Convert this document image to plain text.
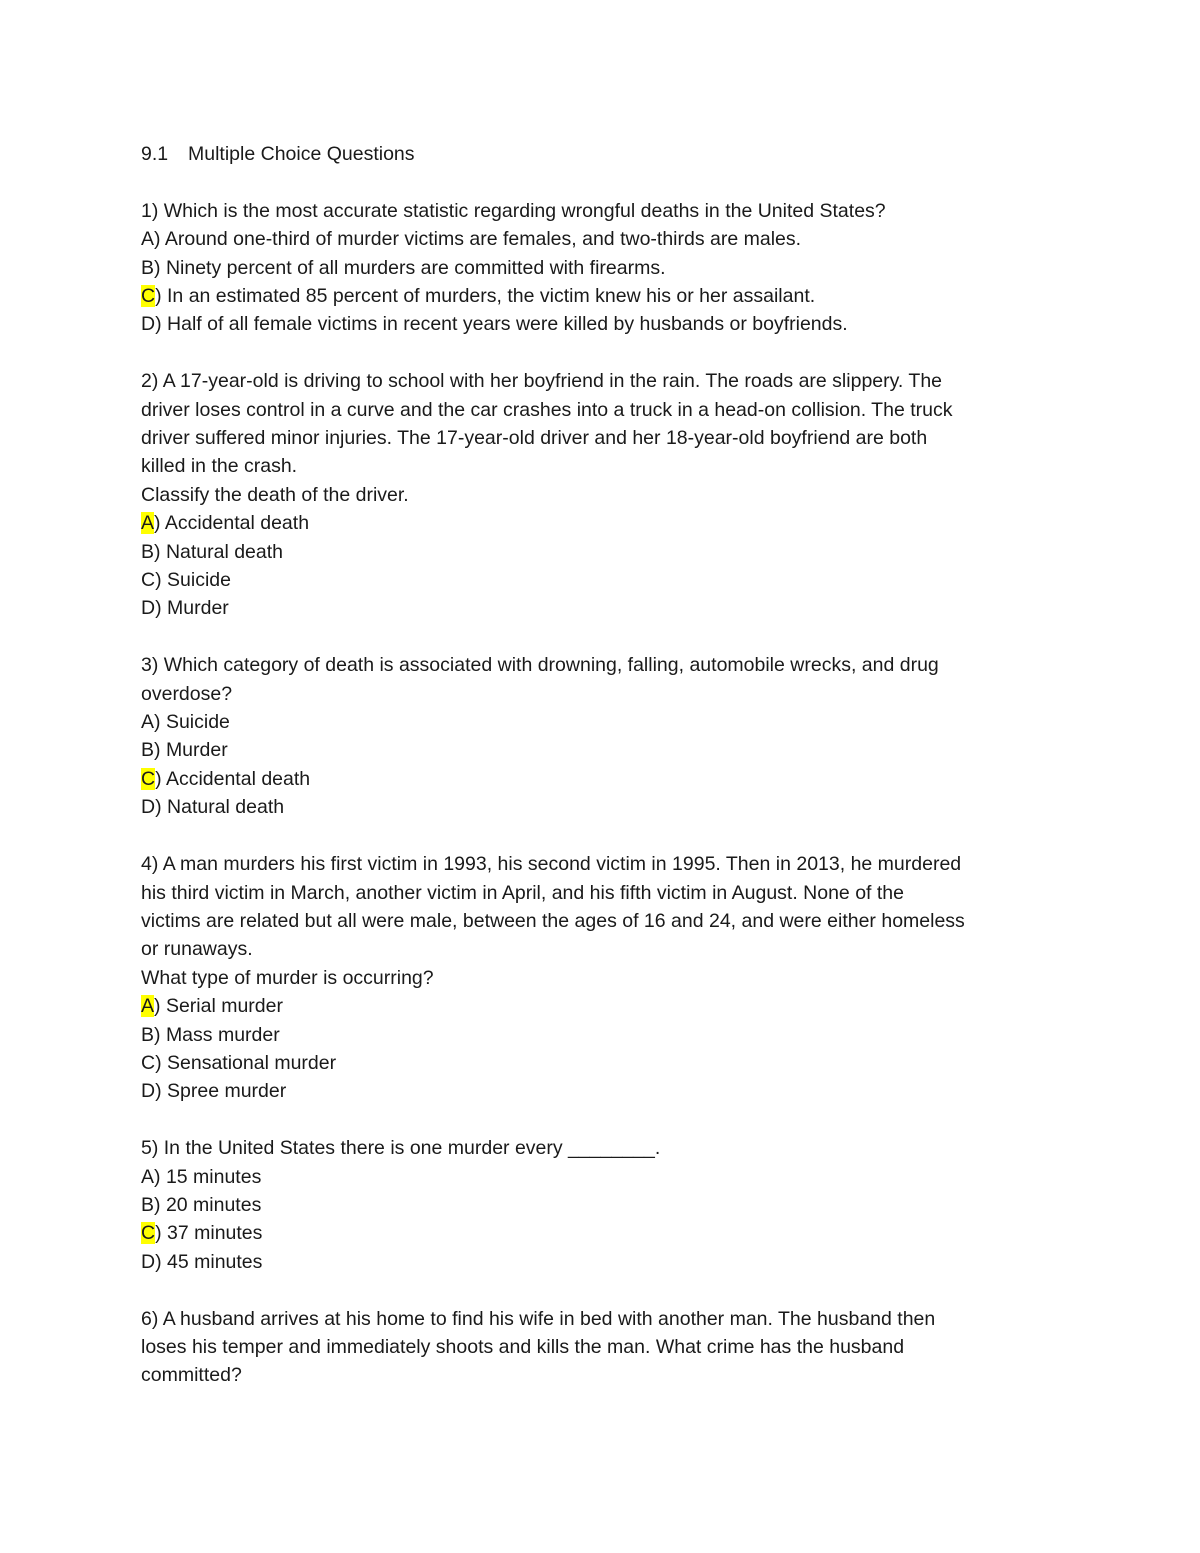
9.1 Multiple Choice Questions
1) Which is the most accurate statistic regarding wrongful deaths in the United States?
A) Around one-third of murder victims are females, and two-thirds are males.
B) Ninety percent of all murders are committed with firearms.
C) In an estimated 85 percent of murders, the victim knew his or her assailant.
D) Half of all female victims in recent years were killed by husbands or boyfriends.
2) A 17-year-old is driving to school with her boyfriend in the rain. The roads are slippery. The
driver loses control in a curve and the car crashes into a truck in a head-on collision. The truck
driver suffered minor injuries. The 17-year-old driver and her 18-year-old boyfriend are both
killed in the crash.
Classify the death of the driver.
A) Accidental death
B) Natural death
C) Suicide
D) Murder
3) Which category of death is associated with drowning, falling, automobile wrecks, and drug
overdose?
A) Suicide
B) Murder
C) Accidental death
D) Natural death
4) A man murders his first victim in 1993, his second victim in 1995. Then in 2013, he murdered
his third victim in March, another victim in April, and his fifth victim in August. None of the
victims are related but all were male, between the ages of 16 and 24, and were either homeless
or runaways.
What type of murder is occurring?
A) Serial murder
B) Mass murder
C) Sensational murder
D) Spree murder
5) In the United States there is one murder every ________.
A) 15 minutes
B) 20 minutes
C) 37 minutes
D) 45 minutes
6) A husband arrives at his home to find his wife in bed with another man. The husband then
loses his temper and immediately shoots and kills the man. What crime has the husband
committed?
